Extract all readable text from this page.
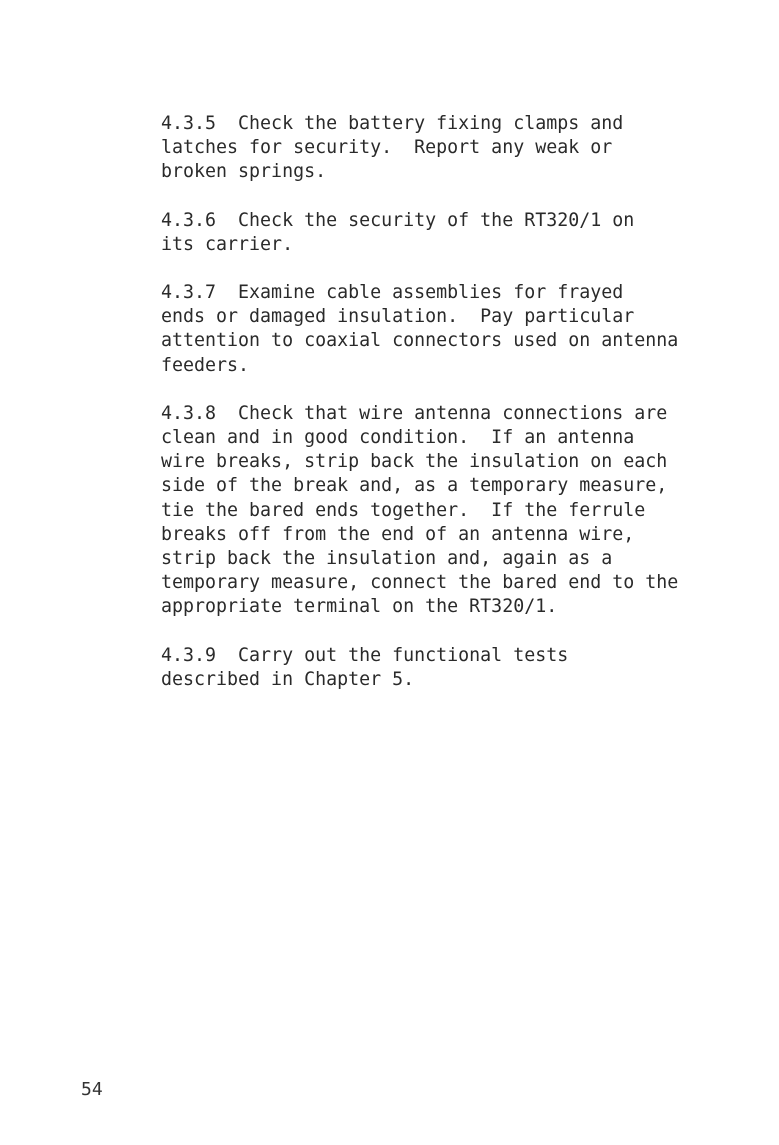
4.3.5  Check the battery fixing clamps and
latches for security.  Report any weak or
broken springs.
4.3.6  Check the security of the RT320/1 on
its carrier.
4.3.7  Examine cable assemblies for frayed
ends or damaged insulation.  Pay particular
attention to coaxial connectors used on antenna
feeders.
4.3.8  Check that wire antenna connections are
clean and in good condition.  If an antenna
wire breaks, strip back the insulation on each
side of the break and, as a temporary measure,
tie the bared ends together.  If the ferrule
breaks off from the end of an antenna wire,
strip back the insulation and, again as a
temporary measure, connect the bared end to the
appropriate terminal on the RT320/1.
4.3.9  Carry out the functional tests
described in Chapter 5.
54
